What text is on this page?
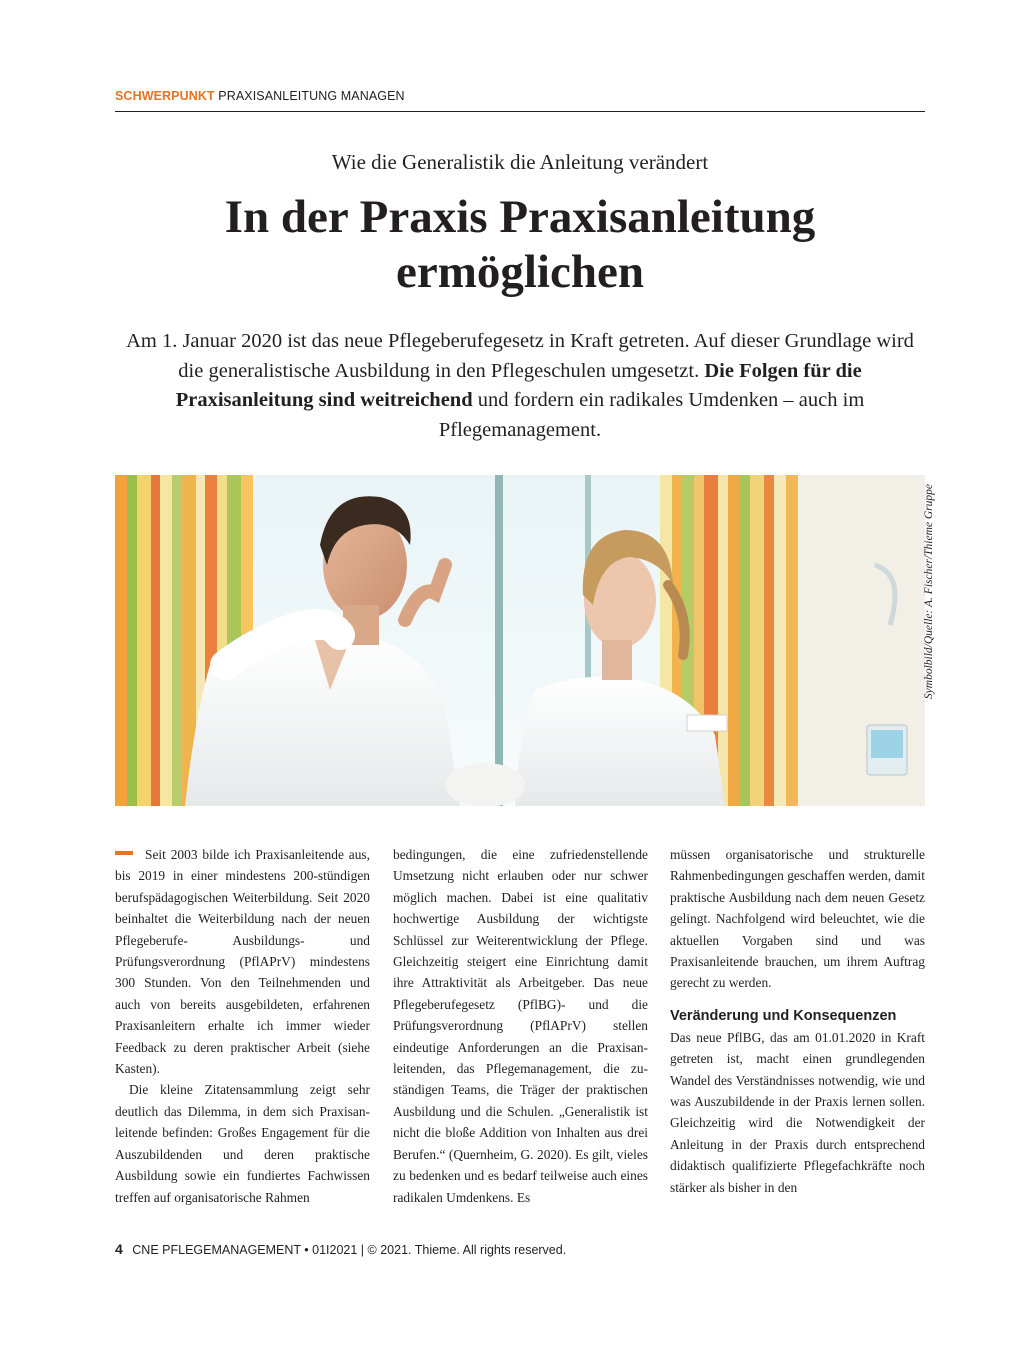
SCHWERPUNKT PRAXISANLEITUNG MANAGEN
Wie die Generalistik die Anleitung verändert
In der Praxis Praxisanleitung ermöglichen

Am 1. Januar 2020 ist das neue Pflegeberufegesetz in Kraft getreten. Auf dieser Grundlage wird die generalistische Ausbildung in den Pflegeschulen umgesetzt. Die Folgen für die Praxisanleitung sind weitreichend und fordern ein radikales Umdenken – auch im Pflegemanagement.

Symbolbild/Quelle: A. Fischer/Thieme Gruppe

Seit 2003 bilde ich Praxisanleitende aus, bis 2019 in einer mindestens 200-stündigen berufspädagogischen Weiterbildung. Seit 2020 beinhaltet die Weiterbildung nach der neuen Pflegeberufe- Ausbildungs- und Prüfungsverordnung (PflAPrV) mindestens 300 Stunden. Von den Teilnehmenden und auch von bereits ausgebildeten, erfahrenen Praxisanleitern erhalte ich immer wieder Feedback zu deren praktischer Arbeit (siehe Kasten).

Die kleine Zitatensammlung zeigt sehr deutlich das Dilemma, in dem sich Praxisanleitende befinden: Großes Engagement für die Auszubildenden und deren praktische Ausbildung sowie ein fundiertes Fachwissen treffen auf organisatorische Rahmen

bedingungen, die eine zufriedenstellende Umsetzung nicht erlauben oder nur schwer möglich machen. Dabei ist eine qualitativ hochwertige Ausbildung der wichtigste Schlüssel zur Weiterentwicklung der Pflege. Gleichzeitig steigert eine Einrichtung damit ihre Attraktivität als Arbeitgeber. Das neue Pflegeberufegesetz (PflBG)- und die Prüfungsverordnung (PflAPrV) stellen eindeutige Anforderungen an die Praxisanleitenden, das Pflegemanagement, die zuständigen Teams, die Träger der praktischen Ausbildung und die Schulen. „Generalistik ist nicht die bloße Addition von Inhalten aus drei Berufen.“ (Quernheim, G. 2020). Es gilt, vieles zu bedenken und es bedarf teilweise auch eines radikalen Umdenkens. Es

müssen organisatorische und strukturelle Rahmenbedingungen geschaffen werden, damit praktische Ausbildung nach dem neuen Gesetz gelingt. Nachfolgend wird beleuchtet, wie die aktuellen Vorgaben sind und was Praxisanleitende brauchen, um ihrem Auftrag gerecht zu werden.

Veränderung und Konsequenzen

Das neue PflBG, das am 01.01.2020 in Kraft getreten ist, macht einen grundlegenden Wandel des Verständnisses notwendig, wie und was Auszubildende in der Praxis lernen sollen. Gleichzeitig wird die Notwendigkeit der Anleitung in der Praxis durch entsprechend didaktisch qualifizierte Pflegefachkräfte noch stärker als bisher in den

4 CNE PFLEGEMANAGEMENT • 01I2021 | © 2021. Thieme. All rights reserved.
